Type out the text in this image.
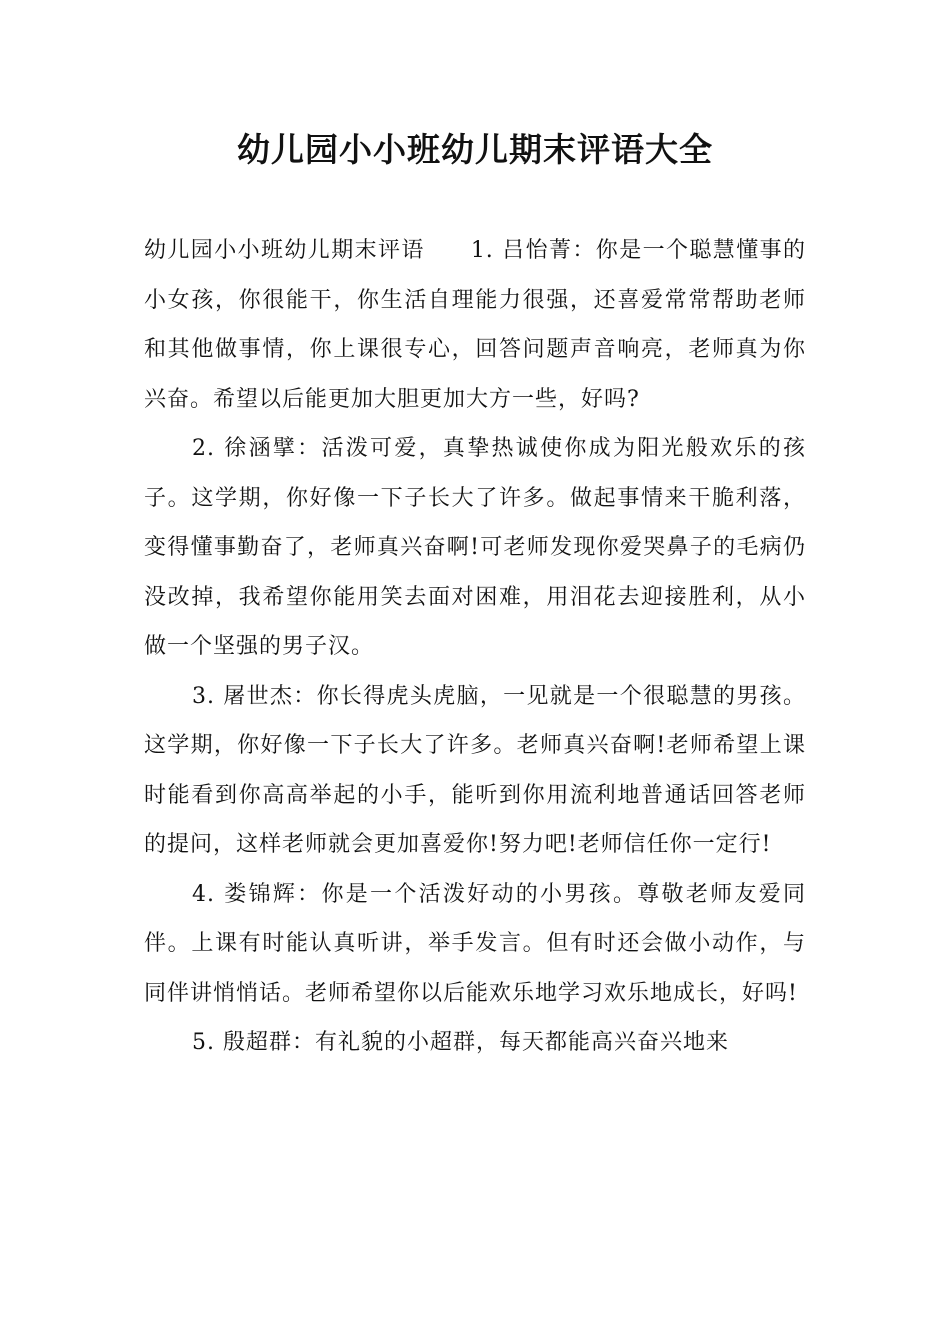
幼儿园小小班幼儿期末评语大全

幼儿园小小班幼儿期末评语 1. 吕怡菁：你是一个聪慧懂事的小女孩，你很能干，你生活自理能力很强，还喜爱常常帮助老师和其他做事情，你上课很专心，回答问题声音响亮，老师真为你兴奋。希望以后能更加大胆更加大方一些，好吗?

2. 徐涵擘：活泼可爱，真挚热诚使你成为阳光般欢乐的孩子。这学期，你好像一下子长大了许多。做起事情来干脆利落，变得懂事勤奋了，老师真兴奋啊!可老师发现你爱哭鼻子的毛病仍没改掉，我希望你能用笑去面对困难，用泪花去迎接胜利，从小做一个坚强的男子汉。

3. 屠世杰：你长得虎头虎脑，一见就是一个很聪慧的男孩。这学期，你好像一下子长大了许多。老师真兴奋啊!老师希望上课时能看到你高高举起的小手，能听到你用流利地普通话回答老师的提问，这样老师就会更加喜爱你!努力吧!老师信任你一定行!

4. 娄锦辉：你是一个活泼好动的小男孩。尊敬老师友爱同伴。上课有时能认真听讲，举手发言。但有时还会做小动作，与同伴讲悄悄话。老师希望你以后能欢乐地学习欢乐地成长，好吗!

5. 殷超群：有礼貌的小超群，每天都能高兴奋兴地来
